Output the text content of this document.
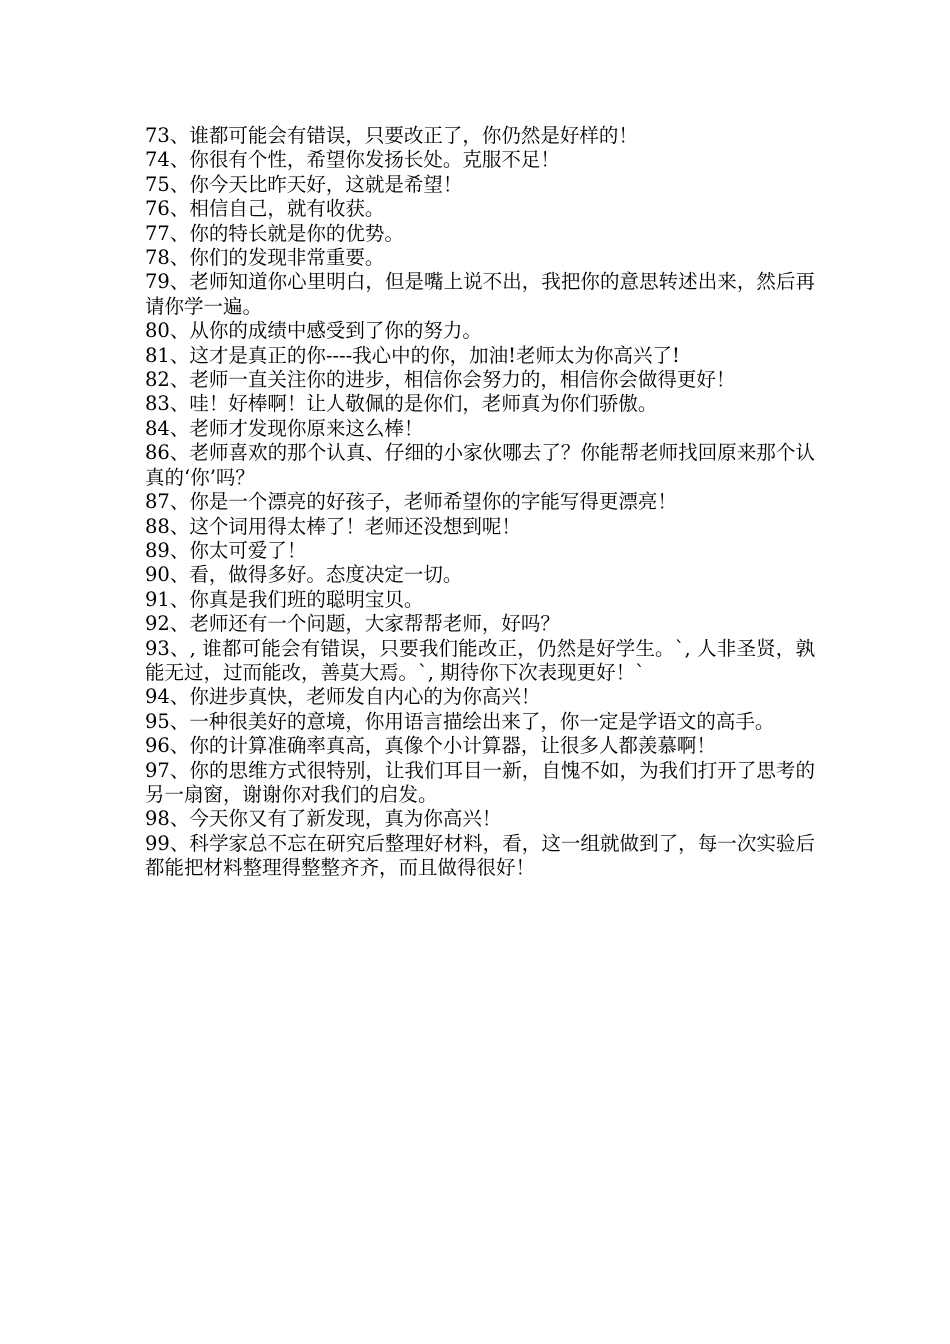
73、谁都可能会有错误，只要改正了，你仍然是好样的！

74、你很有个性，希望你发扬长处。克服不足！

75、你今天比昨天好，这就是希望！

76、相信自己，就有收获。

77、你的特长就是你的优势。

78、你们的发现非常重要。

79、老师知道你心里明白，但是嘴上说不出，我把你的意思转述出来，然后再请你学一遍。

80、从你的成绩中感受到了你的努力。

81、这才是真正的你----我心中的你，加油!老师太为你高兴了!

82、老师一直关注你的进步，相信你会努力的，相信你会做得更好！

83、哇！好棒啊！让人敬佩的是你们，老师真为你们骄傲。

84、老师才发现你原来这么棒！

86、老师喜欢的那个认真、仔细的小家伙哪去了？你能帮老师找回原来那个认真的‘你’吗？

87、你是一个漂亮的好孩子，老师希望你的字能写得更漂亮！

88、这个词用得太棒了！老师还没想到呢！

89、你太可爱了！

90、看，做得多好。态度决定一切。

91、你真是我们班的聪明宝贝。

92、老师还有一个问题，大家帮帮老师，好吗？

93、, 谁都可能会有错误，只要我们能改正，仍然是好学生。`, 人非圣贤，孰能无过，过而能改，善莫大焉。`, 期待你下次表现更好！`

94、你进步真快，老师发自内心的为你高兴！

95、一种很美好的意境，你用语言描绘出来了，你一定是学语文的高手。

96、你的计算准确率真高，真像个小计算器，让很多人都羡慕啊！

97、你的思维方式很特别，让我们耳目一新，自愧不如，为我们打开了思考的另一扇窗，谢谢你对我们的启发。

98、今天你又有了新发现，真为你高兴！

99、科学家总不忘在研究后整理好材料，看，这一组就做到了，每一次实验后都能把材料整理得整整齐齐，而且做得很好！
